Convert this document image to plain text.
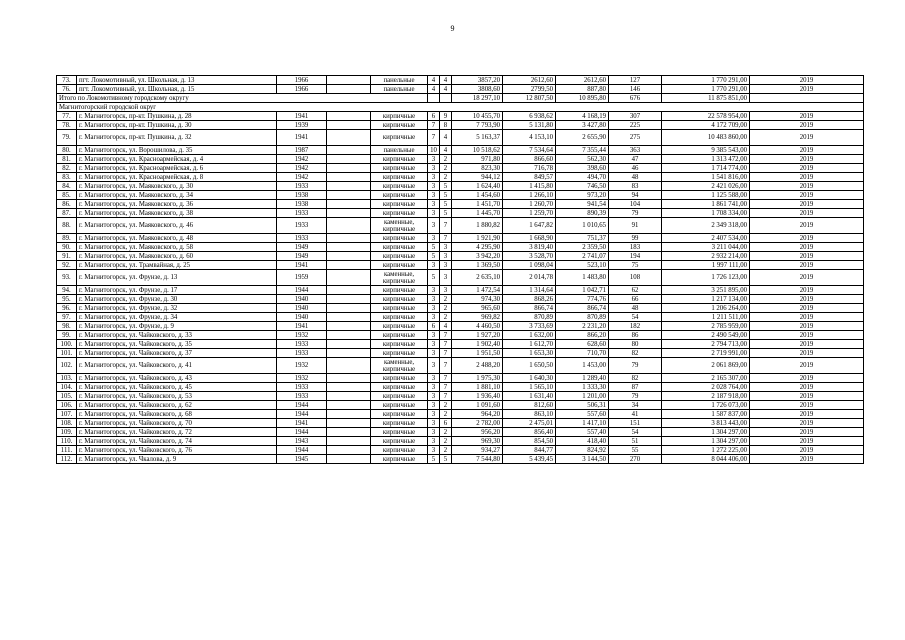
9
73.	пгт. Локомотивный, ул. Школьная, д. 13	1966		панельные	4	4	3857,20	2612,60	2612,60	127	1 770 291,00	2019
76.	пгт. Локомотивный, ул. Школьная, д. 15	1966		панельные	4	4	3808,60	2799,50	887,80	146	1 770 291,00	2019
Итого по Локомотивному городскому округу							18 297,10	12 807,50	10 895,80	676	11 875 851,00	
Магнитогорский городской округ												
77.	г. Магнитогорск, пр-кт. Пушкина, д. 28	1941		кирпичные	6	9	10 455,70	6 938,62	4 168,19	307	22 578 954,00	2019
78.	г. Магнитогорск, пр-кт. Пушкина, д. 30	1939		кирпичные	7	8	7 793,90	5 131,80	3 427,80	225	4 172 709,00	2019
79.	г. Магнитогорск, пр-кт. Пушкина, д. 32	1941		кирпичные	7	4	5 163,37	4 153,10	2 655,90	275	10 483 860,00	2019
80.	г. Магнитогорск, ул. Ворошилова, д. 35	1987		панельные	10	4	10 518,62	7 534,64	7 355,44	363	9 385 543,00	2019
81.	г. Магнитогорск, ул. Красноармейская, д. 4	1942		кирпичные	3	2	971,80	866,60	562,30	47	1 313 472,00	2019
82.	г. Магнитогорск, ул. Красноармейская, д. 6	1942		кирпичные	3	2	823,30	716,78	398,60	46	1 714 774,00	2019
83.	г. Магнитогорск, ул. Красноармейская, д. 8	1942		кирпичные	3	2	944,12	849,57	494,70	48	1 541 816,00	2019
84.	г. Магнитогорск, ул. Маяковского, д. 30	1933		кирпичные	3	5	1 624,40	1 415,80	746,50	83	2 421 026,00	2019
85.	г. Магнитогорск, ул. Маяковского, д. 34	1938		кирпичные	3	5	1 454,60	1 266,10	973,20	94	1 125 588,00	2019
86.	г. Магнитогорск, ул. Маяковского, д. 36	1938		кирпичные	3	5	1 451,70	1 260,70	941,54	104	1 861 741,00	2019
87.	г. Магнитогорск, ул. Маяковского, д. 38	1933		кирпичные	3	5	1 445,70	1 259,70	890,39	79	1 708 334,00	2019
88.	г. Магнитогорск, ул. Маяковского, д. 46	1933		каменные, кирпичные	3	7	1 880,82	1 647,82	1 010,65	91	2 349 318,00	2019
89.	г. Магнитогорск, ул. Маяковского, д. 48	1933		кирпичные	3	7	1 921,90	1 668,90	751,37	99	2 407 534,00	2019
90.	г. Магнитогорск, ул. Маяковского, д. 58	1949		кирпичные	5	3	4 295,90	3 819,40	2 359,50	183	3 211 044,00	2019
91.	г. Магнитогорск, ул. Маяковского, д. 60	1949		кирпичные	5	3	3 942,20	3 528,70	2 741,07	194	2 932 214,00	2019
92.	г. Магнитогорск, ул. Трамвайная, д. 25	1941		кирпичные	3	3	1 369,50	1 098,04	523,10	75	1 997 111,00	2019
93.	г. Магнитогорск, ул. Фрунзе, д. 13	1959		каменные, кирпичные	5	3	2 635,10	2 014,78	1 483,80	108	1 726 123,00	2019
94.	г. Магнитогорск, ул. Фрунзе, д. 17	1944		кирпичные	3	3	1 472,54	1 314,64	1 042,71	62	3 251 895,00	2019
95.	г. Магнитогорск, ул. Фрунзе, д. 30	1940		кирпичные	3	2	974,30	868,26	774,76	66	1 217 134,00	2019
96.	г. Магнитогорск, ул. Фрунзе, д. 32	1940		кирпичные	3	2	965,60	866,74	866,74	48	1 206 264,00	2019
97.	г. Магнитогорск, ул. Фрунзе, д. 34	1940		кирпичные	3	2	969,82	870,89	870,89	54	1 211 511,00	2019
98.	г. Магнитогорск, ул. Фрунзе, д. 9	1941		кирпичные	6	4	4 460,50	3 733,69	2 231,20	182	2 785 959,00	2019
99.	г. Магнитогорск, ул. Чайковского, д. 33	1932		кирпичные	3	7	1 927,20	1 632,00	866,20	86	2 490 549,00	2019
100.	г. Магнитогорск, ул. Чайковского, д. 35	1933		кирпичные	3	7	1 902,40	1 612,70	628,60	80	2 794 713,00	2019
101.	г. Магнитогорск, ул. Чайковского, д. 37	1933		кирпичные	3	7	1 951,50	1 653,30	710,70	82	2 719 991,00	2019
102.	г. Магнитогорск, ул. Чайковского, д. 41	1932		каменные, кирпичные	3	7	2 488,20	1 650,50	1 453,00	79	2 061 869,00	2019
103.	г. Магнитогорск, ул. Чайковского, д. 43	1932		кирпичные	3	7	1 975,30	1 640,30	1 289,40	82	2 165 307,00	2019
104.	г. Магнитогорск, ул. Чайковского, д. 45	1933		кирпичные	3	7	1 881,10	1 565,10	1 333,30	87	2 028 764,00	2019
105.	г. Магнитогорск, ул. Чайковского, д. 53	1933		кирпичные	3	7	1 936,40	1 631,40	1 201,00	79	2 187 918,00	2019
106.	г. Магнитогорск, ул. Чайковского, д. 62	1944		кирпичные	3	2	1 091,60	812,60	506,31	34	1 726 073,00	2019
107.	г. Магнитогорск, ул. Чайковского, д. 68	1944		кирпичные	3	2	964,20	863,10	557,60	41	1 587 837,00	2019
108.	г. Магнитогорск, ул. Чайковского, д. 70	1941		кирпичные	3	6	2 782,00	2 475,01	1 417,10	151	3 813 443,00	2019
109.	г. Магнитогорск, ул. Чайковского, д. 72	1944		кирпичные	3	2	956,20	856,40	557,40	54	1 304 297,00	2019
110.	г. Магнитогорск, ул. Чайковского, д. 74	1943		кирпичные	3	2	969,30	854,50	418,40	51	1 304 297,00	2019
111.	г. Магнитогорск, ул. Чайковского, д. 76	1944		кирпичные	3	2	934,27	844,77	824,92	55	1 272 225,00	2019
112.	г. Магнитогорск, ул. Чкалова, д. 9	1945		кирпичные	5	5	7 544,80	5 439,45	3 144,50	270	8 044 406,00	2019
